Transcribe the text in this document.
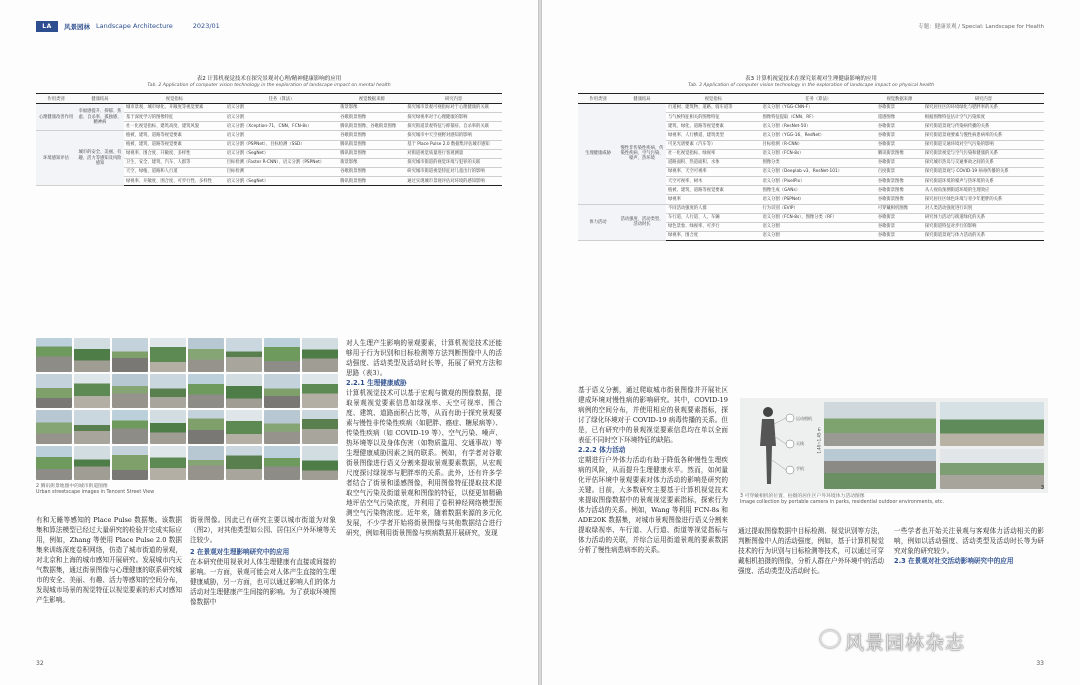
LA	风景园林 Landscape Architecture	2023/01
表2 计算机视觉技术在探究景观对心理/精神健康影响的应用
Tab. 2 Application of computer vision technology in the exploration of landscape impact on mental health
作用类别	健康结局	视觉指标	任务（算法）	视觉数据来源	研究内容
心理健康改善作用	幸福感提升、抑郁、焦虑、自杀率、孤独感、精神病	城市景观、城市绿化、开敞度等视觉要素	语义分割	街景影像	探究城市景观可视指标对于心理健康的关联
		基于深度学习的图像特征	语义分割	谷歌街景图像	探究绿视率对于心理健康的影响
		社一化视觉指标、建筑高度、建筑风貌	语义分割（Xception-71，CNN，FCN-8s）	腾讯街景图像、谷歌街景图像	探究街道景观特征与抑郁症、自杀率的关联
环境感知评估	城市的安全、美丽、有趣、活力等感知及风险感知	植被、建筑、道路等视觉要素	语义分割	谷歌街景图像	探究城市中天空视野对感知的影响
		植被、建筑、道路等视觉要素	语义分割（PSPNet）、目标检测（SSD）	腾讯街景图像	基于 Place Pulse 2.0 数据集评估城市感知
		绿视率、围合度、开敞度、多样性	语义分割（SegNet）	腾讯街景图像	对街道视觉质量进行客观测量
		卫生、安全、建筑、汽车、人群等	目标检测（Faster R-CNN）、语义分割（PSPNet）	街景影像	探究城市街道的视觉环境与犯罪的关联
		天空、绿植、道路和人行道	目标检测	谷歌街景图像	研究城市街道视觉特征对儿童出行的影响
		绿视率、开敞度、围合度、可步行性、多样性	语义分割（SegNet）	腾讯街景图像	通过实现城市景观评估对环境的感知影响
2 腾讯街景地图中的城市街道图像
Urban streetscape images in Tencent Street View
有和无睡等感知的 Place Pulse 数据集。该数据集和算法模型已经过大量研究的检验并完成实际应用，例如，Zhang 等使用 Place Pulse 2.0 数据集来训练深度卷积网络，仿造了城市街道的景观，对北京和上海的城市感知开展研究。发展城市内天气数据集，通过街景图像与心理健康的联系研究城市的安全、美丽、有趣、活力等感知的空间分布，发现城市场景的视觉特征以视觉要素的形式对感知产生影响。
街景图像。因此已有研究主要以城市街道为对象（图2），对其他类型如公园、居住区户外环境等关注较少。
2 在景观对生理影响研究中的应用
在本研究使用视景对人体生理健康有直接或间接的影响。一方面，景观可能会对人体产生直接的生理健康威胁，另一方面，也可以通过影响人们的体力活动对生理健康产生间接的影响。为了获取环境图像数据中
对人生理产生影响的景观要素，计算机视觉技术还能够用于行为识别和目标检测等方法判断图像中人的活动强度、活动类型及活动时长等，拓展了研究方法和思路（表3）。
2.2.1 生理健康威胁
计算机视觉技术可以基于宏观与微观的图像数据，提取景观视觉要素信息如绿视率、天空可视率、围合度、建筑、道路面积占比等，从而有助于探究景观要素与慢性非传染性疾病（如肥胖、癌症、糖尿病等）、传染性疾病（如 COVID-19 等）、空气污染、噪声、热环境等以及身体伤害（如物质滥用、交通事故）等生理健康威胁因素之间的联系。例如，有学者对谷歌街景图像进行语义分割来提取景观要素数据，从宏观尺度探讨绿视率与肥胖率的关系。此外，还有许多学者结合了街景和遥感图像，利用图像特征提取技术提取空气污染及街道景观和图像的特征，以便更加精确地评估空气污染浓度，并利用了卷积神经网络模型预测空气污染物浓度。近年来，随着数据来源的多元化发展，不少学者开始将街景图像与其他数据结合进行研究，例如利用街景图像与疾病数据开展研究，发现
32
专题：健康景观 / Special: Landscape for Health
表3 计算机视觉技术在探究景观对生理健康影响的应用
Tab. 3 Application of computer vision technology in the exploration of landscape impact on physical health
作用类别	健康结局	视觉指标	任务（算法）	视觉数据来源	研究内容
生理健康威胁	慢性非传染性疾病、传染性疾病、空气污染、噪声、热环境	行道树、建筑物、道路、骑车道等	语义分割（YGG-CNN-F）	谷歌街景	探究居住区的环境绿化与肥胖率的关系
		与气候特征相关的图像特征	图像特征提取（CNN、RF）	遥感图像	根据图像特征估计空气污染浓度
		建筑、绿化、道路等视觉要素	语义分割（ResNet-50）	谷歌街景	探究街道景观与传染病传播的关系
		绿视率、人行横道、建筑类型	语义分割（YGG-16、ResNet）	谷歌街景	探究街道景观要素与慢性病患病率的关系
		可见光谱要素（汽车等）	目标检测（R-CNN）	谷歌街景	探究街道交通环境对空气污染的影响
		社一化视觉指标、绿视率	语义分割（FCN-8s）	腾讯街景图像	探究街景视觉与空气污染和健康的关系
		道路面积、热道面积、水体	图像分类	谷歌街景	探究城市热岛与交通事故之间的关系
		绿视率、天空可视率	语义分割（Deeplab v3、ResNet-101）	百度街景	探究街道景观与 COVID-19 病毒传播的关系
		天空可视率、树木	语义分割（PixelPix）	谷歌街景图像	探究街道环境的噪声与热环境的关系
		植被、建筑、道路等视觉要素	图像生成（GANs）	谷歌街景图像	从人视角预测街道环境的生理效应
		绿视率	语义分割（PSPNet）	谷歌街景图像	探究居住区绿色环境与青少年肥胖的关系
体力活动	活动强度、活动类型、活动时长	不同活动强度的人群	行为识别（EVIP）	可穿戴相机图像	对人类活动强度进行识别
		车行道、人行道、人、车辆	语义分割（FCN-8s）、图像分类（RF）	谷歌街景	研究体力活动与街道绿化的关系
		绿色景象、绿视率、可步行	语义分割	谷歌街景	探究街道特征对步行的影响
		绿视率、围合度	语义分割	谷歌街景	探究街道景观与体力活动的关系
基于语义分割，通过爬取城市街景图像并开展社区建成环境对慢性病的影响研究。其中，COVID-19 病例的空间分布，并使用相应的景观要素指标，探讨了绿化环境对于 COVID-19 病毒传播的关系。但是，已有研究中的景观视觉要素信息均在单以全面表征不同时空下环境特征的缺陷。
2.2.2 体力活动
定期进行户外体力活动有助于降低各种慢性生理疾病的风险，从而提升生理健康水平。然而，如何量化评估环境中景观要素对体力活动的影响是研究的关键。目前，大多数研究主要基于计算机视觉技术来提取图像数据中的景观视觉要素指标，探索行为体力活动的关系。例如，Wang 等利用 FCN-8s 和 ADE20K 数据集，对城市景观图像进行语义分割来提取绿视率、车行道、人行道、街道等视觉指标与体力活动的关联，并综合运用街道景观的要素数据分析了慢性病患病率的关系。
通过提取图像数据中目标检测、视觉识别等方法，判断图像中人的活动强度，例如，基于计算机视觉技术的行为识别与目标检测等技术，可以通过可穿戴相机拍摄的图像，分析人群在户外环境中的活动强度、活动类型及活动时长。
一些学者也开始关注景观与客观体力活动相关的影响，例如以活动强度、活动类型及活动时长等为研究对象的研究较少。
2.3 在景观对社交活动影响研究中的应用
3 可穿戴相机的位置、拍摄的居住区户外环境体力活动图像
Image collection by portable camera in parks, residential outdoor environments, etc.
33
运动相机
天线
手机
1.40~1.45 m
3
风景园林杂志
